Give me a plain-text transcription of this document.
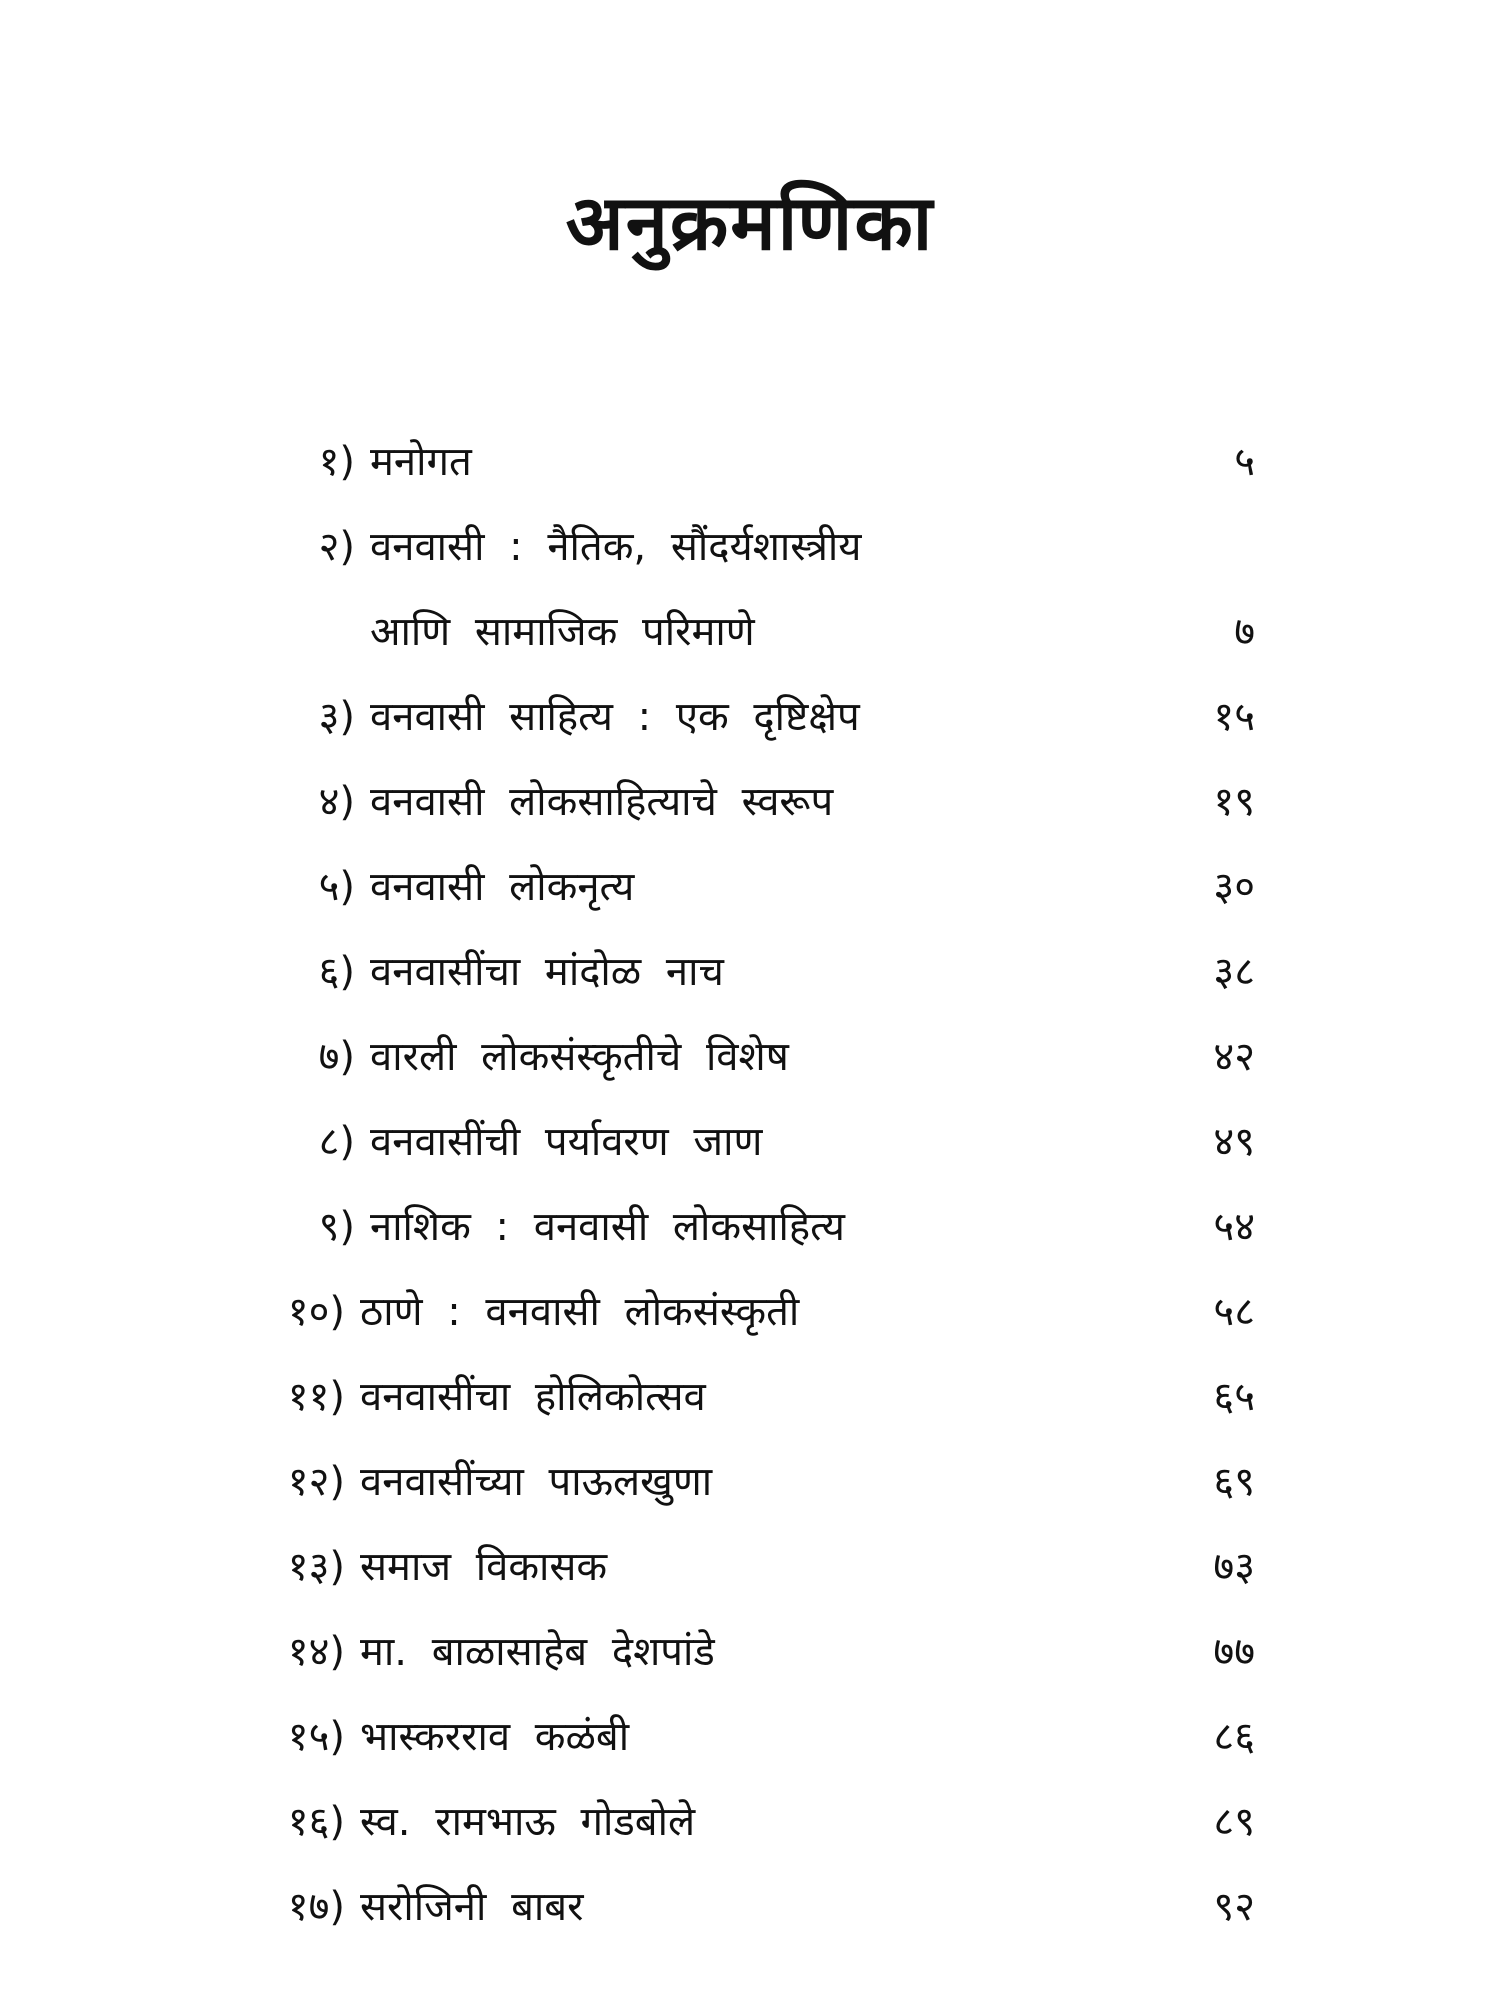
अनुक्रमणिका
१) मनोगत	५
२) वनवासी : नैतिक, सौंदर्यशास्त्रीय
आणि सामाजिक परिमाणे	७
३) वनवासी साहित्य : एक दृष्टिक्षेप	१५
४) वनवासी लोकसाहित्याचे स्वरूप	१९
५) वनवासी लोकनृत्य	३०
६) वनवासींचा मांदोळ नाच	३८
७) वारली लोकसंस्कृतीचे विशेष	४२
८) वनवासींची पर्यावरण जाण	४९
९) नाशिक : वनवासी लोकसाहित्य	५४
१०) ठाणे : वनवासी लोकसंस्कृती	५८
११) वनवासींचा होलिकोत्सव	६५
१२) वनवासींच्या पाऊलखुणा	६९
१३) समाज विकासक	७३
१४) मा. बाळासाहेब देशपांडे	७७
१५) भास्करराव कळंबी	८६
१६) स्व. रामभाऊ गोडबोले	८९
१७) सरोजिनी बाबर	९२
